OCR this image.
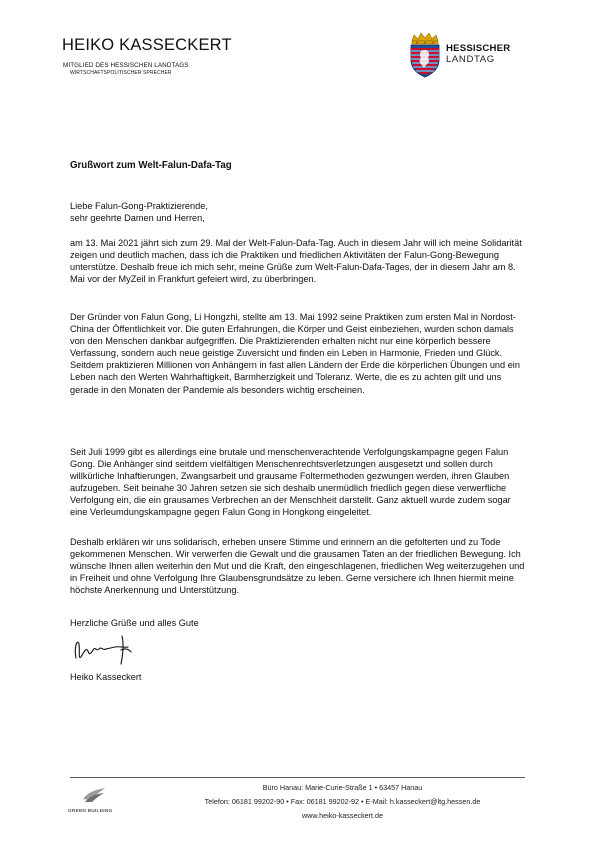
HEIKO KASSECKERT
MITGLIED DES HESSISCHEN LANDTAGS
WIRTSCHAFTSPOLITISCHER SPRECHER
HESSISCHER
LANDTAG
Grußwort zum Welt-Falun-Dafa-Tag

Liebe Falun-Gong-Praktizierende,

sehr geehrte Damen und Herren,

am 13. Mai 2021 jährt sich zum 29. Mal der Welt-Falun-Dafa-Tag. Auch in diesem Jahr will ich meine Solidarität zeigen und deutlich machen, dass ich die Praktiken und friedlichen Aktivitäten der Falun-Gong-Bewegung unterstütze. Deshalb freue ich mich sehr, meine Grüße zum Welt-Falun-Dafa-Tages, der in diesem Jahr am 8. Mai vor der MyZeil in Frankfurt gefeiert wird, zu überbringen.

Der Gründer von Falun Gong, Li Hongzhi, stellte am 13. Mai 1992 seine Praktiken zum ersten Mal in Nordost-China der Öffentlichkeit vor. Die guten Erfahrungen, die Körper und Geist einbeziehen, wurden schon damals von den Menschen dankbar aufgegriffen. Die Praktizierenden erhalten nicht nur eine körperlich bessere Verfassung, sondern auch neue geistige Zuversicht und finden ein Leben in Harmonie, Frieden und Glück. Seitdem praktizieren Millionen von Anhängern in fast allen Ländern der Erde die körperlichen Übungen und ein Leben nach den Werten Wahrhaftigkeit, Barmherzigkeit und Toleranz. Werte, die es zu achten gilt und uns gerade in den Monaten der Pandemie als besonders wichtig erscheinen.

Seit Juli 1999 gibt es allerdings eine brutale und menschenverachtende Verfolgungskampagne gegen Falun Gong. Die Anhänger sind seitdem vielfältigen Menschenrechtsverletzungen ausgesetzt und sollen durch willkürliche Inhaftierungen, Zwangsarbeit und grausame Foltermethoden gezwungen werden, ihren Glauben aufzugeben. Seit beinahe 30 Jahren setzen sie sich deshalb unermüdlich friedlich gegen diese verwerfliche Verfolgung ein, die ein grausames Verbrechen an der Menschheit darstellt. Ganz aktuell wurde zudem sogar eine Verleumdungskampagne gegen Falun Gong in Hongkong eingeleitet.

Deshalb erklären wir uns solidarisch, erheben unsere Stimme und erinnern an die gefolterten und zu Tode gekommenen Menschen. Wir verwerfen die Gewalt und die grausamen Taten an der friedlichen Bewegung. Ich wünsche Ihnen allen weiterhin den Mut und die Kraft, den eingeschlagenen, friedlichen Weg weiterzugehen und in Freiheit und ohne Verfolgung Ihre Glaubensgrundsätze zu leben. Gerne versichere ich Ihnen hiermit meine höchste Anerkennung und Unterstützung.

Herzliche Grüße und alles Gute
Heiko Kasseckert
GREEN BUILDING
Büro Hanau: Marie-Curie-Straße 1 • 63457 Hanau
Telefon: 06181 99202-90 • Fax: 06181 99202-92 • E-Mail: h.kasseckert@ltg.hessen.de
www.heiko-kasseckert.de
